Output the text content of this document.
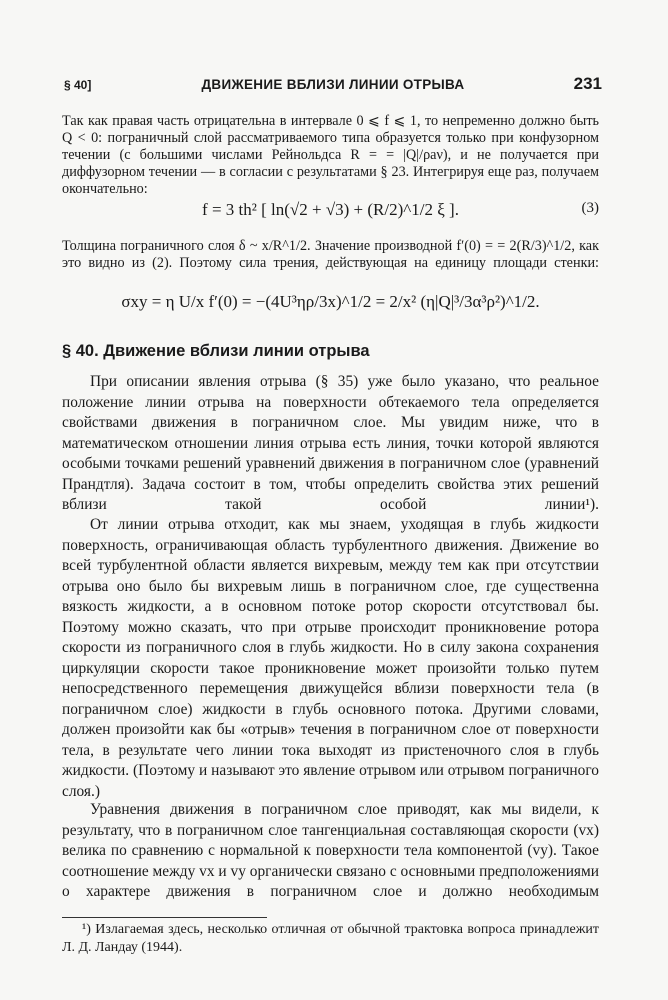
§ 40]	ДВИЖЕНИЕ ВБЛИЗИ ЛИНИИ ОТРЫВА	231
Так как правая часть отрицательна в интервале 0 ⩽ f ⩽ 1, то непременно должно быть Q < 0: пограничный слой рассматриваемого типа образуется только при конфузорном течении (с большими числами Рейнольдса R = = |Q|/ρaν), и не получается при диффузорном течении — в согласии с результатами § 23. Интегрируя еще раз, получаем окончательно:
f = 3 th² [ ln(√2 + √3) + (R/2)^1/2 ξ ].	(3)
Толщина пограничного слоя δ ~ x/R^1/2. Значение производной f′(0) = = 2(R/3)^1/2, как это видно из (2). Поэтому сила трения, действующая на единицу площади стенки:
σxy = η U/x f′(0) = −(4U³ηρ/3x)^1/2 = 2/x² (η|Q|³/3α³ρ²)^1/2.
§ 40. Движение вблизи линии отрыва
При описании явления отрыва (§ 35) уже было указано, что реальное положение линии отрыва на поверхности обтекаемого тела определяется свойствами движения в пограничном слое. Мы увидим ниже, что в математическом отношении линия отрыва есть линия, точки которой являются особыми точками решений уравнений движения в пограничном слое (уравнений Прандтля). Задача состоит в том, чтобы определить свойства этих решений вблизи такой особой линии¹).
От линии отрыва отходит, как мы знаем, уходящая в глубь жидкости поверхность, ограничивающая область турбулентного движения. Движение во всей турбулентной области является вихревым, между тем как при отсутствии отрыва оно было бы вихревым лишь в пограничном слое, где существенна вязкость жидкости, а в основном потоке ротор скорости отсутствовал бы. Поэтому можно сказать, что при отрыве происходит проникновение ротора скорости из пограничного слоя в глубь жидкости. Но в силу закона сохранения циркуляции скорости такое проникновение может произойти только путем непосредственного перемещения движущейся вблизи поверхности тела (в пограничном слое) жидкости в глубь основного потока. Другими словами, должен произойти как бы «отрыв» течения в пограничном слое от поверхности тела, в результате чего линии тока выходят из пристеночного слоя в глубь жидкости. (Поэтому и называют это явление отрывом или отрывом пограничного слоя.)
Уравнения движения в пограничном слое приводят, как мы видели, к результату, что в пограничном слое тангенциальная составляющая скорости (vx) велика по сравнению с нормальной к поверхности тела компонентой (vy). Такое соотношение между vx и vy органически связано с основными предположениями о характере движения в пограничном слое и должно необходимым
¹) Излагаемая здесь, несколько отличная от обычной трактовка вопроса принадлежит Л. Д. Ландау (1944).
